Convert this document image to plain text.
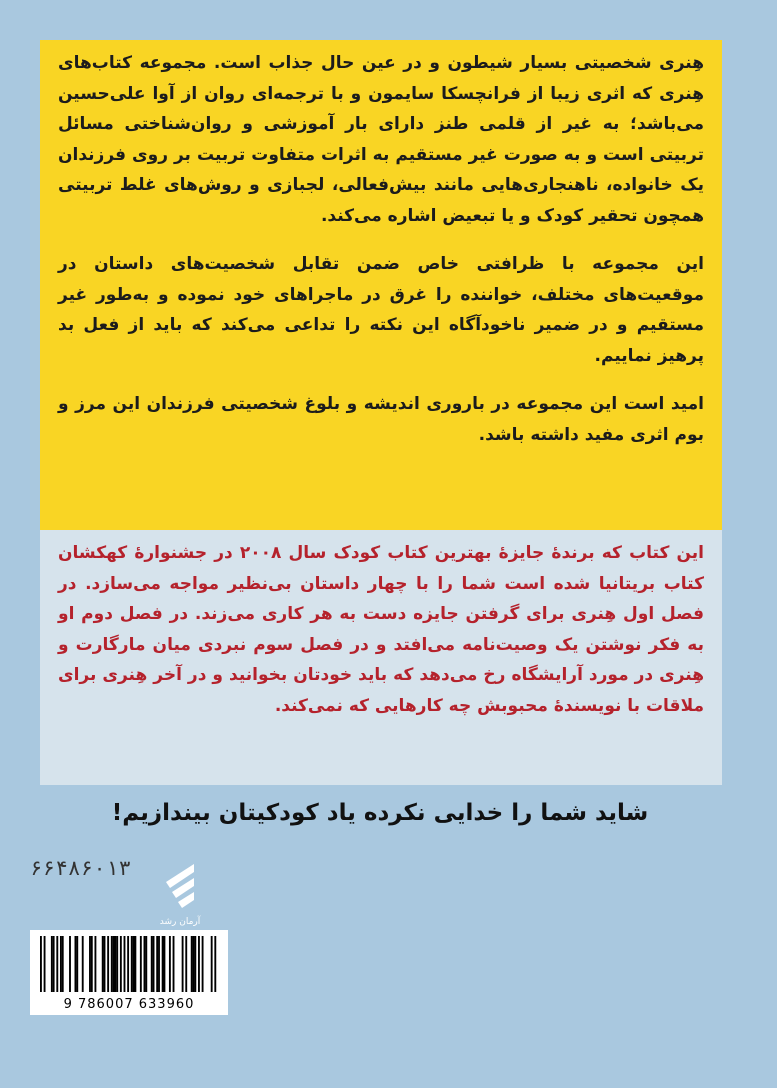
هِنری شخصیتی بسیار شیطون و در عین حال جذاب است. مجموعه کتاب‌های هِنری که اثری زیبا از فرانچسکا سایمون و با ترجمه‌ای روان از آوا علی‌حسین می‌باشد؛ به غیر از قلمی طنز دارای بار آموزشی و روان‌شناختی مسائل تربیتی است و به صورت غیر مستقیم به اثرات متفاوت تربیت بر روی فرزندان یک خانواده، ناهنجاری‌هایی مانند بیش‌فعالی، لجبازی و روش‌های غلط تربیتی همچون تحقیر کودک و یا تبعیض اشاره می‌کند.

این مجموعه با ظرافتی خاص ضمن تقابل شخصیت‌های داستان در موقعیت‌های مختلف، خواننده را غرق در ماجراهای خود نموده و به‌طور غیر مستقیم و در ضمیر ناخودآگاه این نکته را تداعی می‌کند که باید از فعل بد پرهیز نماییم.

امید است این مجموعه در باروری اندیشه و بلوغ شخصیتی فرزندان این مرز و بوم اثری مفید داشته باشد.

این کتاب که برندهٔ جایزهٔ بهترین کتاب کودک سال ۲۰۰۸ در جشنوارهٔ کهکشان کتاب بریتانیا شده است شما را با چهار داستان بی‌نظیر مواجه می‌سازد. در فصل اول هِنری برای گرفتن جایزه دست به هر کاری می‌زند. در فصل دوم او به فکر نوشتن یک وصیت‌نامه می‌افتد و در فصل سوم نبردی میان مارگارت و هِنری در مورد آرایشگاه رخ می‌دهد که باید خودتان بخوانید و در آخر هِنری برای ملاقات با نویسندهٔ محبوبش چه کارهایی که نمی‌کند.

شاید شما را خدایی نکرده یاد کودکیتان بیندازیم!
۶۶۴۸۶۰۱۳
آرمان رشد
9 786007 633960
